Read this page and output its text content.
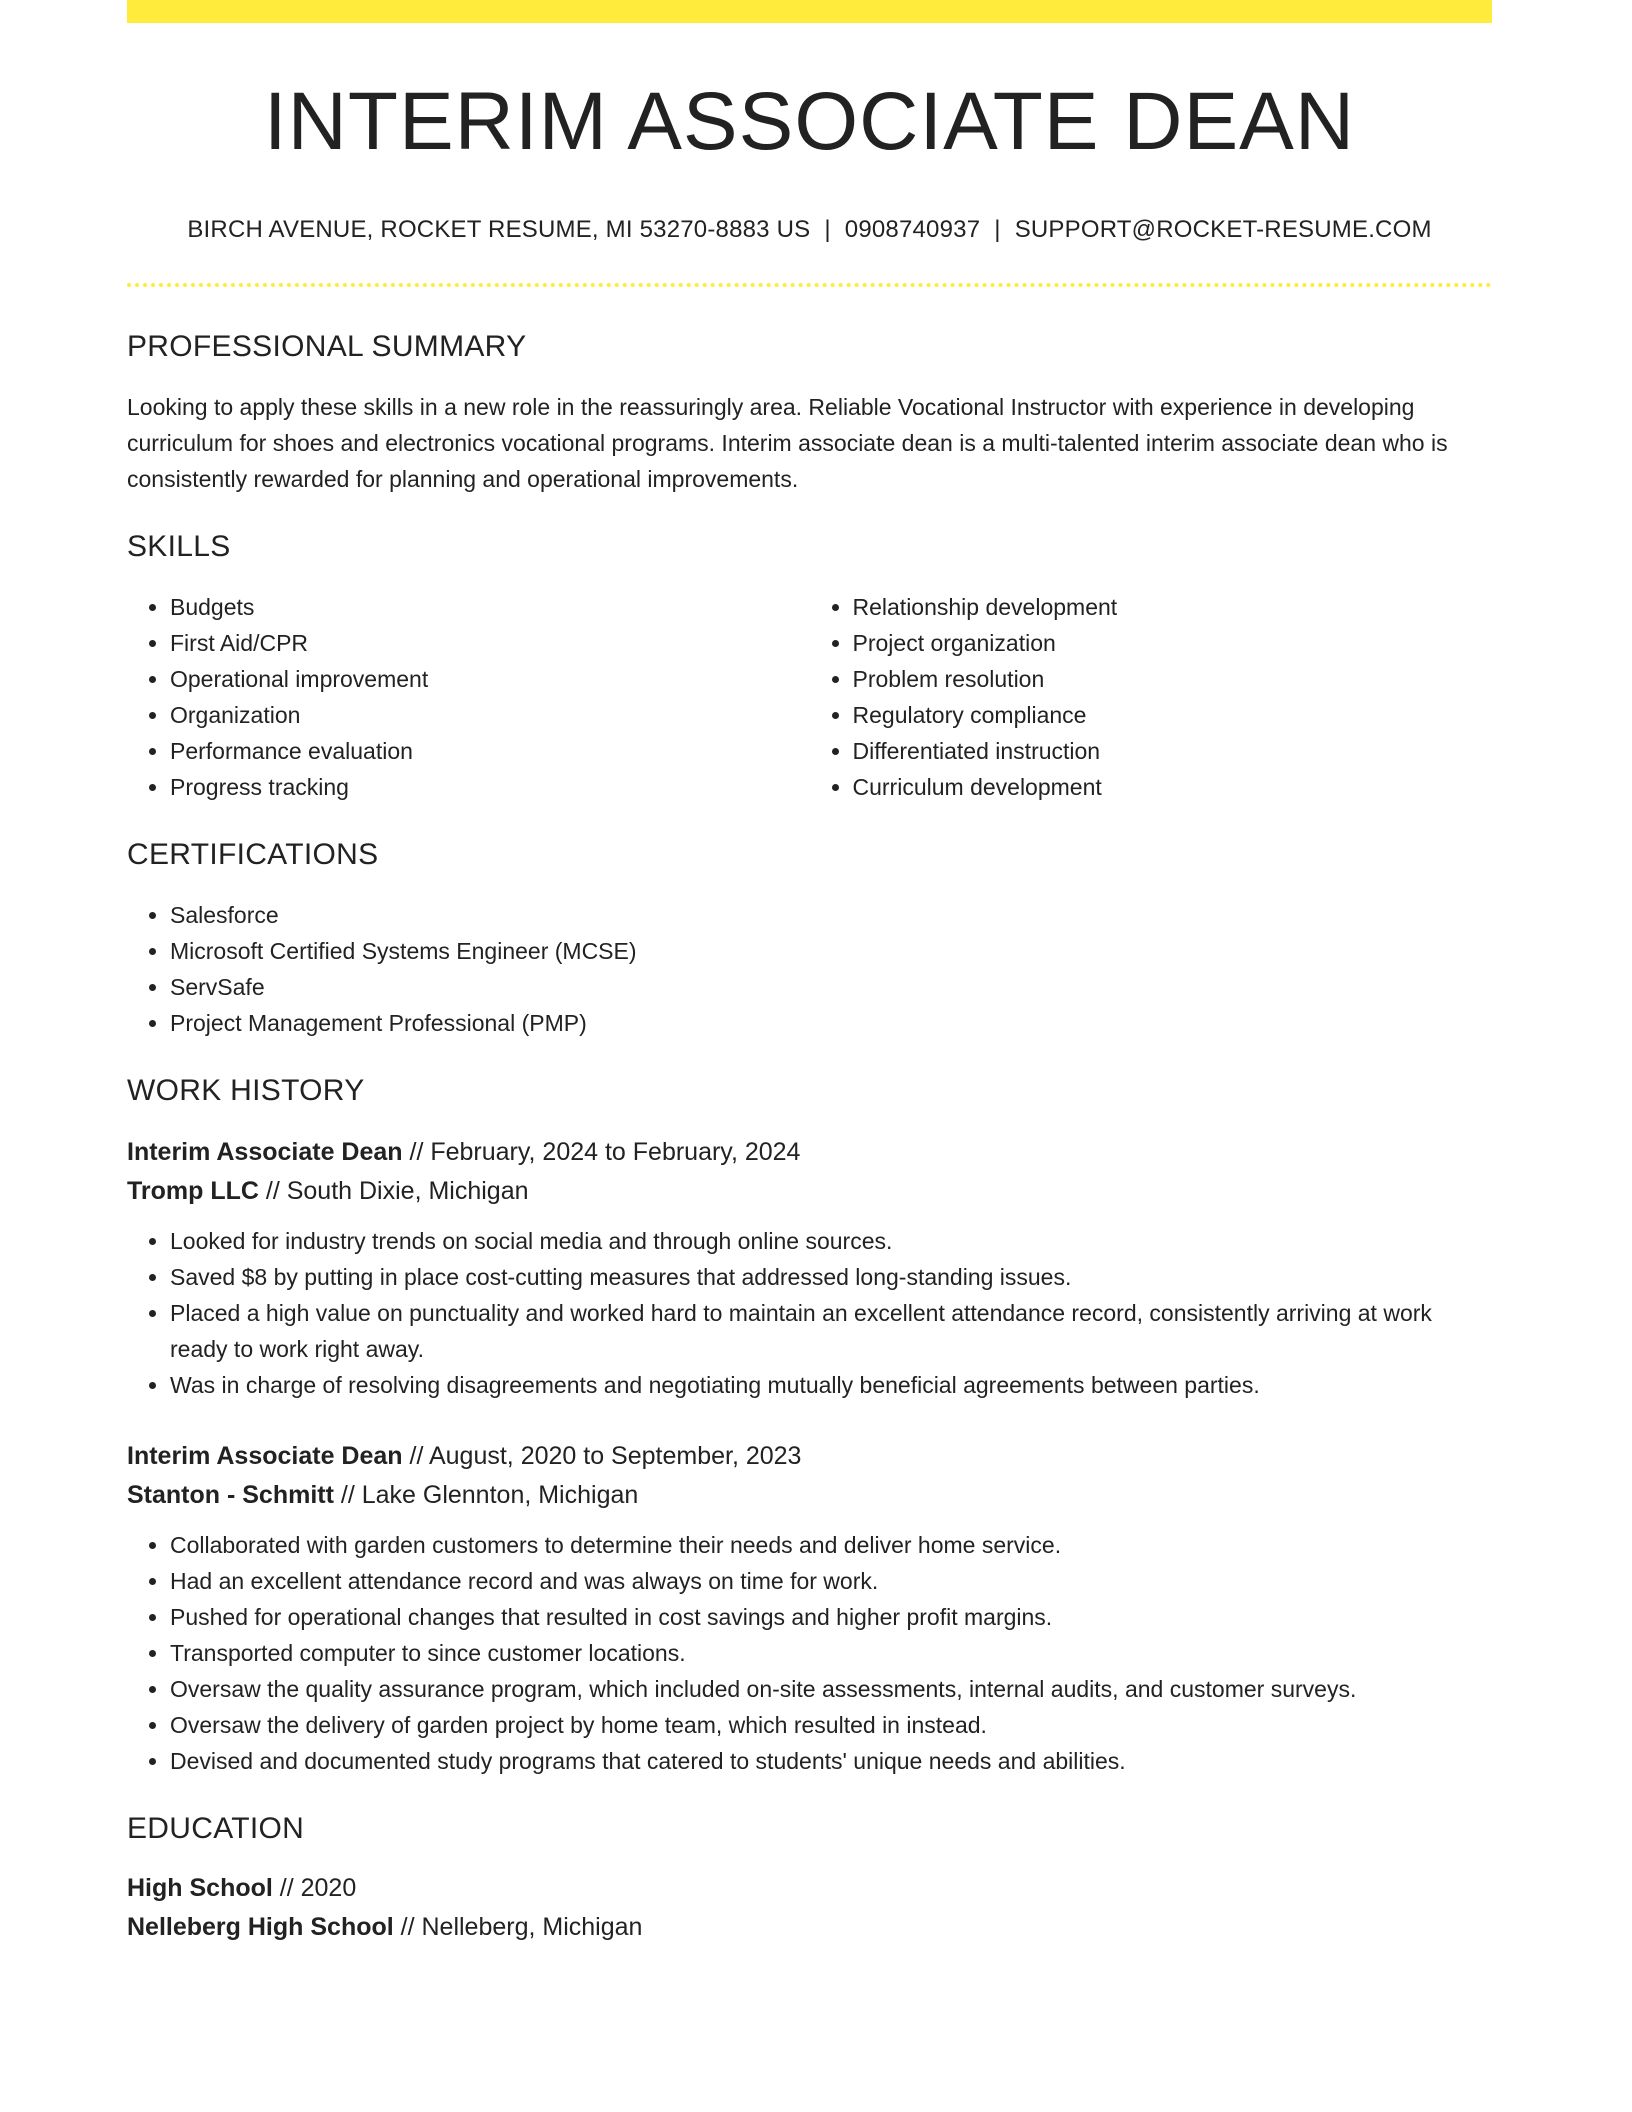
INTERIM ASSOCIATE DEAN
BIRCH AVENUE, ROCKET RESUME, MI 53270-8883 US | 0908740937 | SUPPORT@ROCKET-RESUME.COM
PROFESSIONAL SUMMARY
Looking to apply these skills in a new role in the reassuringly area. Reliable Vocational Instructor with experience in developing curriculum for shoes and electronics vocational programs. Interim associate dean is a multi-talented interim associate dean who is consistently rewarded for planning and operational improvements.
SKILLS
• Budgets
• First Aid/CPR
• Operational improvement
• Organization
• Performance evaluation
• Progress tracking
• Relationship development
• Project organization
• Problem resolution
• Regulatory compliance
• Differentiated instruction
• Curriculum development
CERTIFICATIONS
• Salesforce
• Microsoft Certified Systems Engineer (MCSE)
• ServSafe
• Project Management Professional (PMP)
WORK HISTORY
Interim Associate Dean // February, 2024 to February, 2024
Tromp LLC // South Dixie, Michigan
• Looked for industry trends on social media and through online sources.
• Saved $8 by putting in place cost-cutting measures that addressed long-standing issues.
• Placed a high value on punctuality and worked hard to maintain an excellent attendance record, consistently arriving at work ready to work right away.
• Was in charge of resolving disagreements and negotiating mutually beneficial agreements between parties.
Interim Associate Dean // August, 2020 to September, 2023
Stanton - Schmitt // Lake Glennton, Michigan
• Collaborated with garden customers to determine their needs and deliver home service.
• Had an excellent attendance record and was always on time for work.
• Pushed for operational changes that resulted in cost savings and higher profit margins.
• Transported computer to since customer locations.
• Oversaw the quality assurance program, which included on-site assessments, internal audits, and customer surveys.
• Oversaw the delivery of garden project by home team, which resulted in instead.
• Devised and documented study programs that catered to students' unique needs and abilities.
EDUCATION
High School // 2020
Nelleberg High School // Nelleberg, Michigan
